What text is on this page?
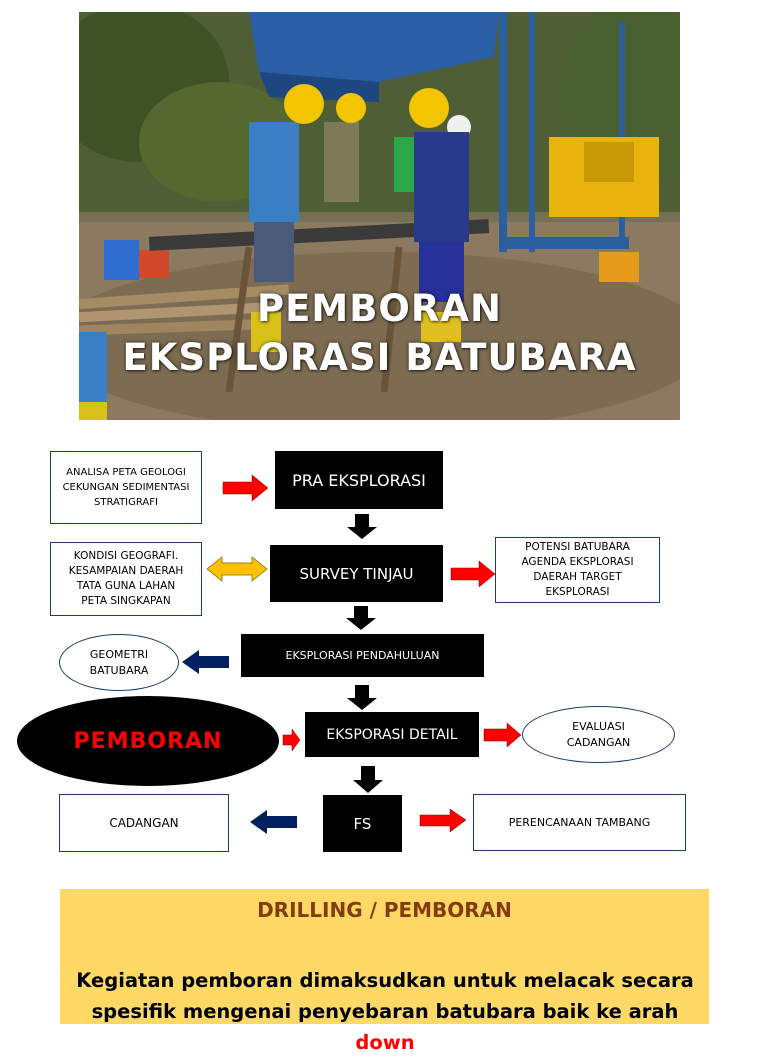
PEMBORAN
EKSPLORASI BATUBARA
PRA EKSPLORASI
SURVEY TINJAU
EKSPLORASI PENDAHULUAN
EKSPORASI DETAIL
FS
ANALISA PETA GEOLOGI
CEKUNGAN SEDIMENTASI
STRATIGRAFI
KONDISI GEOGRAFI.
KESAMPAIAN DAERAH
TATA GUNA LAHAN
PETA SINGKAPAN
GEOMETRI
BATUBARA
PEMBORAN
CADANGAN
POTENSI BATUBARA
AGENDA EKSPLORASI
DAERAH TARGET
EKSPLORASI
EVALUASI
CADANGAN
PERENCANAAN TAMBANG
DRILLING / PEMBORAN
Kegiatan pemboran dimaksudkan untuk melacak secara spesifik mengenai penyebaran batubara baik ke arah down
